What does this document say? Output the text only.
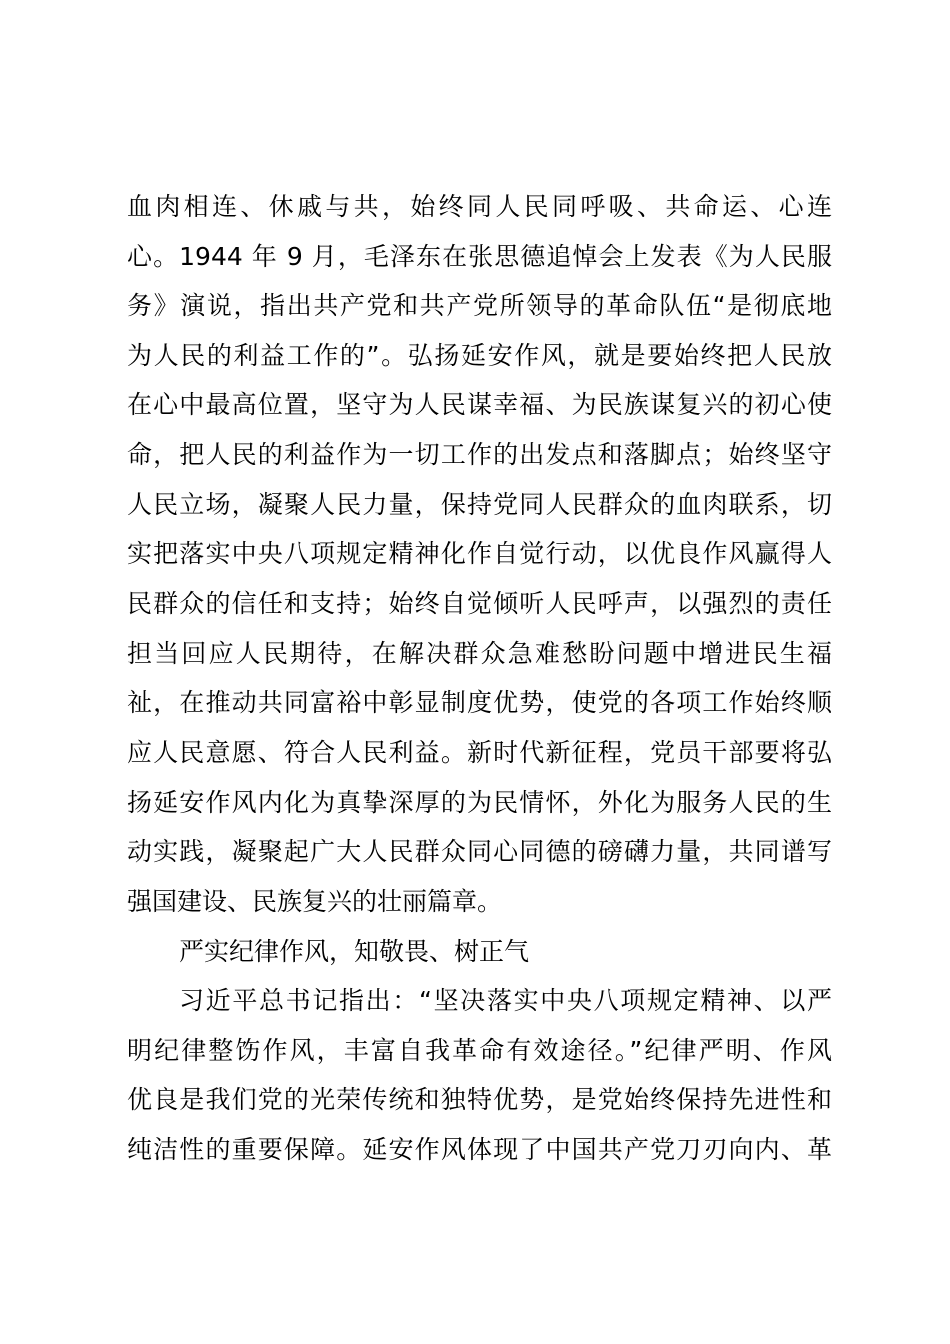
血肉相连、休戚与共，始终同人民同呼吸、共命运、心连
心。1944 年 9 月，毛泽东在张思德追悼会上发表《为人民服
务》演说，指出共产党和共产党所领导的革命队伍“是彻底地
为人民的利益工作的”。弘扬延安作风，就是要始终把人民放
在心中最高位置，坚守为人民谋幸福、为民族谋复兴的初心使
命，把人民的利益作为一切工作的出发点和落脚点；始终坚守
人民立场，凝聚人民力量，保持党同人民群众的血肉联系，切
实把落实中央八项规定精神化作自觉行动，以优良作风赢得人
民群众的信任和支持；始终自觉倾听人民呼声，以强烈的责任
担当回应人民期待，在解决群众急难愁盼问题中增进民生福
祉，在推动共同富裕中彰显制度优势，使党的各项工作始终顺
应人民意愿、符合人民利益。新时代新征程，党员干部要将弘
扬延安作风内化为真挚深厚的为民情怀，外化为服务人民的生
动实践，凝聚起广大人民群众同心同德的磅礴力量，共同谱写
强国建设、民族复兴的壮丽篇章。
严实纪律作风，知敬畏、树正气
习近平总书记指出：“坚决落实中央八项规定精神、以严
明纪律整饬作风，丰富自我革命有效途径。”纪律严明、作风
优良是我们党的光荣传统和独特优势，是党始终保持先进性和
纯洁性的重要保障。延安作风体现了中国共产党刀刃向内、革
